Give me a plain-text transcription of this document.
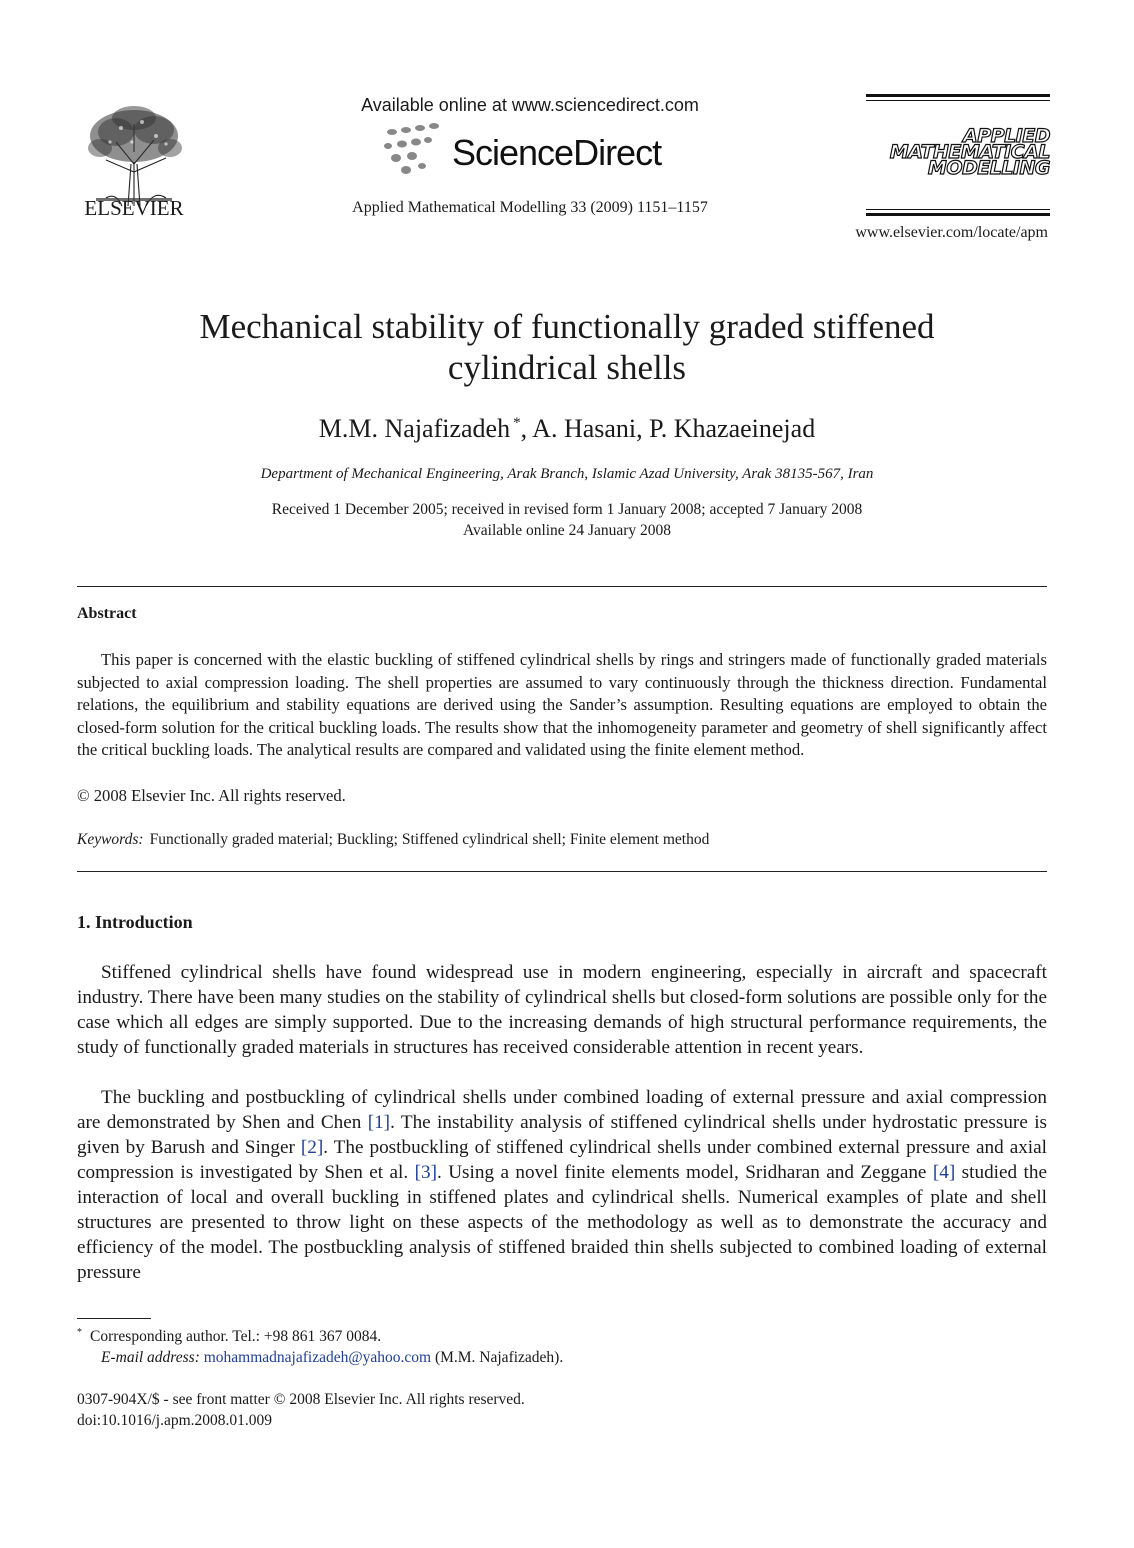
ELSEVIER
Available online at www.sciencedirect.com
ScienceDirect
Applied Mathematical Modelling 33 (2009) 1151–1157
APPLIED
MATHEMATICAL
MODELLING
www.elsevier.com/locate/apm
Mechanical stability of functionally graded stiffened
cylindrical shells
M.M. Najafizadeh *, A. Hasani, P. Khazaeinejad
Department of Mechanical Engineering, Arak Branch, Islamic Azad University, Arak 38135-567, Iran
Received 1 December 2005; received in revised form 1 January 2008; accepted 7 January 2008
Available online 24 January 2008
Abstract
This paper is concerned with the elastic buckling of stiffened cylindrical shells by rings and stringers made of functionally graded materials subjected to axial compression loading. The shell properties are assumed to vary continuously through the thickness direction. Fundamental relations, the equilibrium and stability equations are derived using the Sander’s assumption. Resulting equations are employed to obtain the closed-form solution for the critical buckling loads. The results show that the inhomogeneity parameter and geometry of shell significantly affect the critical buckling loads. The analytical results are compared and validated using the finite element method.
© 2008 Elsevier Inc. All rights reserved.
Keywords: Functionally graded material; Buckling; Stiffened cylindrical shell; Finite element method
1. Introduction
Stiffened cylindrical shells have found widespread use in modern engineering, especially in aircraft and spacecraft industry. There have been many studies on the stability of cylindrical shells but closed-form solutions are possible only for the case which all edges are simply supported. Due to the increasing demands of high structural performance requirements, the study of functionally graded materials in structures has received considerable attention in recent years.
The buckling and postbuckling of cylindrical shells under combined loading of external pressure and axial compression are demonstrated by Shen and Chen [1]. The instability analysis of stiffened cylindrical shells under hydrostatic pressure is given by Barush and Singer [2]. The postbuckling of stiffened cylindrical shells under combined external pressure and axial compression is investigated by Shen et al. [3]. Using a novel finite elements model, Sridharan and Zeggane [4] studied the interaction of local and overall buckling in stiffened plates and cylindrical shells. Numerical examples of plate and shell structures are presented to throw light on these aspects of the methodology as well as to demonstrate the accuracy and efficiency of the model. The postbuckling analysis of stiffened braided thin shells subjected to combined loading of external pressure
* Corresponding author. Tel.: +98 861 367 0084.
E-mail address: mohammadnajafizadeh@yahoo.com (M.M. Najafizadeh).
0307-904X/$ - see front matter © 2008 Elsevier Inc. All rights reserved.
doi:10.1016/j.apm.2008.01.009
